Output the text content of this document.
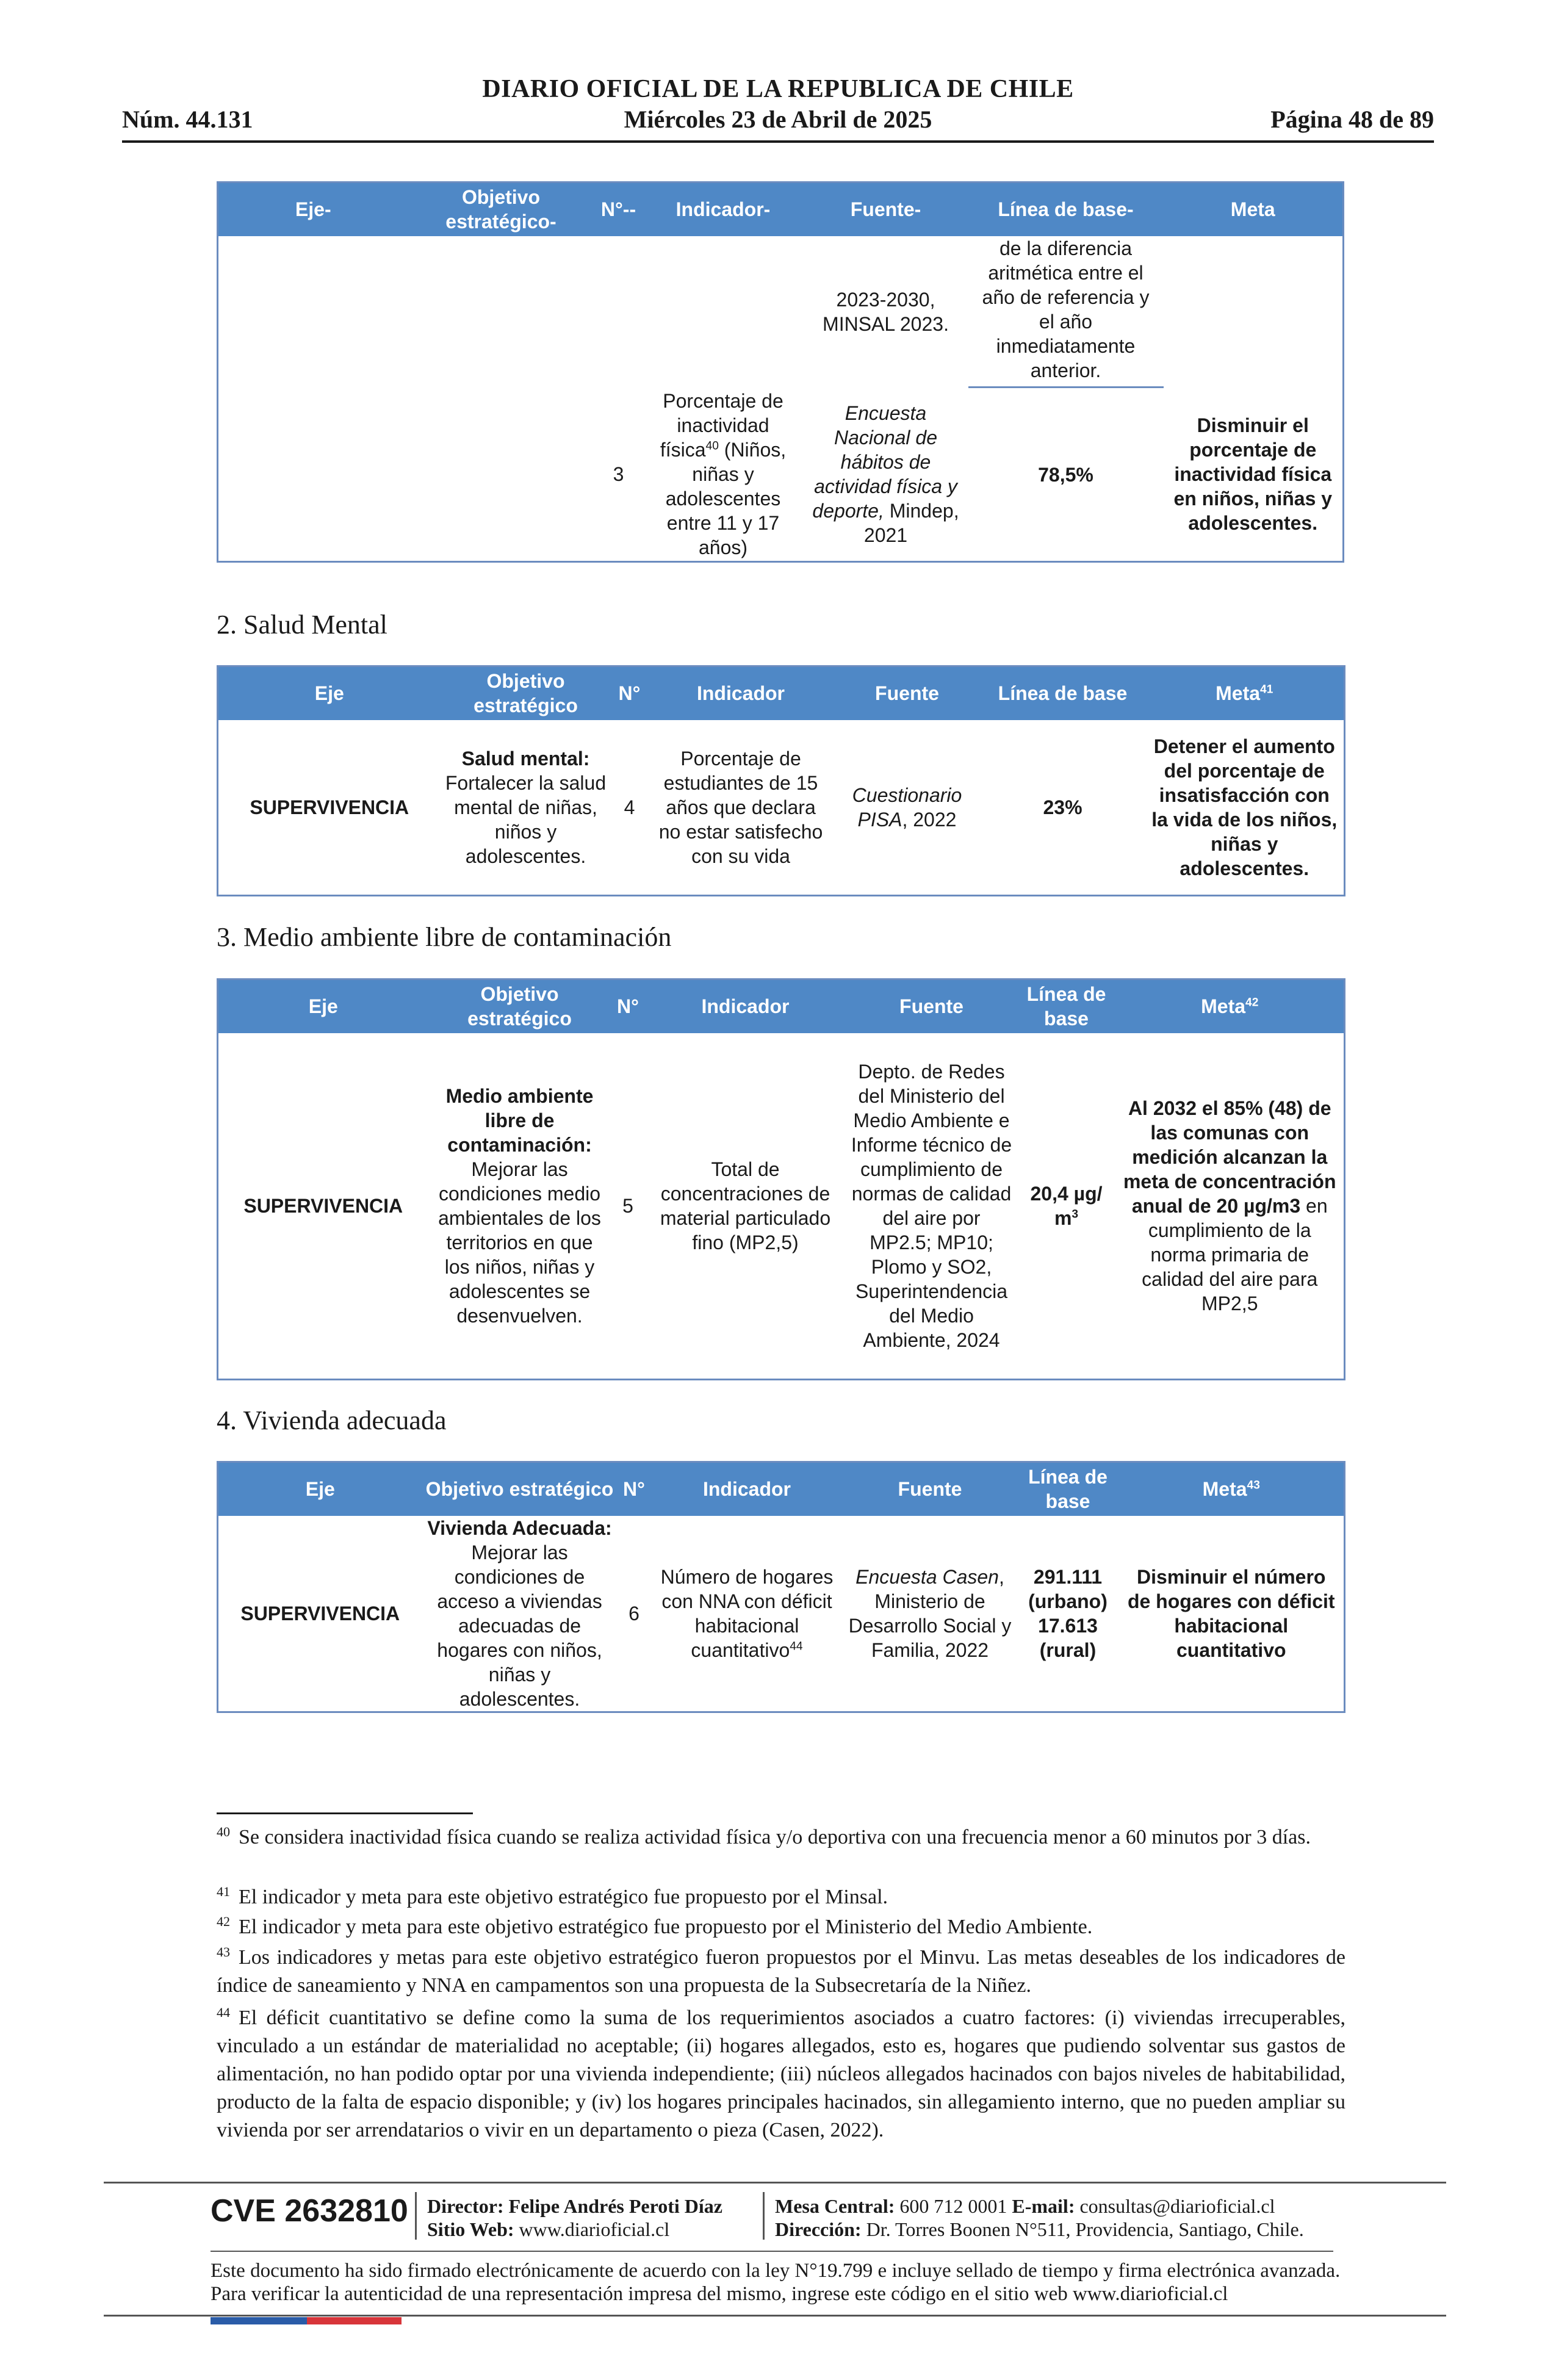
DIARIO OFICIAL DE LA REPUBLICA DE CHILE
Núm. 44.131	Miércoles 23 de Abril de 2025	Página 48 de 89
Eje-	Objetivo estratégico-	N°--	Indicador-	Fuente-	Línea de base-	Meta
				2023-2030, MINSAL 2023.	de la diferencia aritmética entre el año de referencia y el año inmediatamente anterior.	
		3	Porcentaje de inactividad física$^{40}$ (Niños, niñas y adolescentes entre 11 y 17 años)	Encuesta Nacional de hábitos de actividad física y deporte, Mindep, 2021	78,5%	Disminuir el porcentaje de inactividad física en niños, niñas y adolescentes.
2. Salud Mental
Eje	Objetivo estratégico	N°	Indicador	Fuente	Línea de base	Meta$^{41}$
SUPERVIVENCIA	Salud mental: Fortalecer la salud mental de niñas, niños y adolescentes.	4	Porcentaje de estudiantes de 15 años que declara no estar satisfecho con su vida	Cuestionario PISA, 2022	23%	Detener el aumento del porcentaje de insatisfacción con la vida de los niños, niñas y adolescentes.
3. Medio ambiente libre de contaminación
Eje	Objetivo estratégico	N°	Indicador	Fuente	Línea de base	Meta$^{42}$
SUPERVIVENCIA	Medio ambiente libre de contaminación: Mejorar las condiciones medio ambientales de los territorios en que los niños, niñas y adolescentes se desenvuelven.	5	Total de concentraciones de material particulado fino (MP2,5)	Depto. de Redes del Ministerio del Medio Ambiente e Informe técnico de cumplimiento de normas de calidad del aire por MP2.5; MP10; Plomo y SO2, Superintendencia del Medio Ambiente, 2024	20,4 µg/ $m^3$	Al 2032 el 85% (48) de las comunas con medición alcanzan la meta de concentración anual de 20 µg/m3 en cumplimiento de la norma primaria de calidad del aire para MP2,5
4. Vivienda adecuada
Eje	Objetivo estratégico	N°	Indicador	Fuente	Línea de base	Meta$^{43}$
SUPERVIVENCIA	Vivienda Adecuada: Mejorar las condiciones de acceso a viviendas adecuadas de hogares con niños, niñas y adolescentes.	6	Número de hogares con NNA con déficit habitacional cuantitativo$^{44}$	Encuesta Casen, Ministerio de Desarrollo Social y Familia, 2022	291.111 (urbano) 17.613 (rural)	Disminuir el número de hogares con déficit habitacional cuantitativo
$^{40}$ Se considera inactividad física cuando se realiza actividad física y/o deportiva con una frecuencia menor a 60 minutos por 3 días.
$^{41}$ El indicador y meta para este objetivo estratégico fue propuesto por el Minsal.
$^{42}$ El indicador y meta para este objetivo estratégico fue propuesto por el Ministerio del Medio Ambiente.
$^{43}$ Los indicadores y metas para este objetivo estratégico fueron propuestos por el Minvu. Las metas deseables de los indicadores de índice de saneamiento y NNA en campamentos son una propuesta de la Subsecretaría de la Niñez.
$^{44}$ El déficit cuantitativo se define como la suma de los requerimientos asociados a cuatro factores: (i) viviendas irrecuperables, vinculado a un estándar de materialidad no aceptable; (ii) hogares allegados, esto es, hogares que pudiendo solventar sus gastos de alimentación, no han podido optar por una vivienda independiente; (iii) núcleos allegados hacinados con bajos niveles de habitabilidad, producto de la falta de espacio disponible; y (iv) los hogares principales hacinados, sin allegamiento interno, que no pueden ampliar su vivienda por ser arrendatarios o vivir en un departamento o pieza (Casen, 2022).
CVE 2632810 Director: Felipe Andrés Peroti Díaz
Sitio Web: www.diarioficial.cl
Mesa Central: 600 712 0001 E-mail: consultas@diarioficial.cl
Dirección: Dr. Torres Boonen N°511, Providencia, Santiago, Chile.
Este documento ha sido firmado electrónicamente de acuerdo con la ley N°19.799 e incluye sellado de tiempo y firma electrónica avanzada. Para verificar la autenticidad de una representación impresa del mismo, ingrese este código en el sitio web www.diarioficial.cl
